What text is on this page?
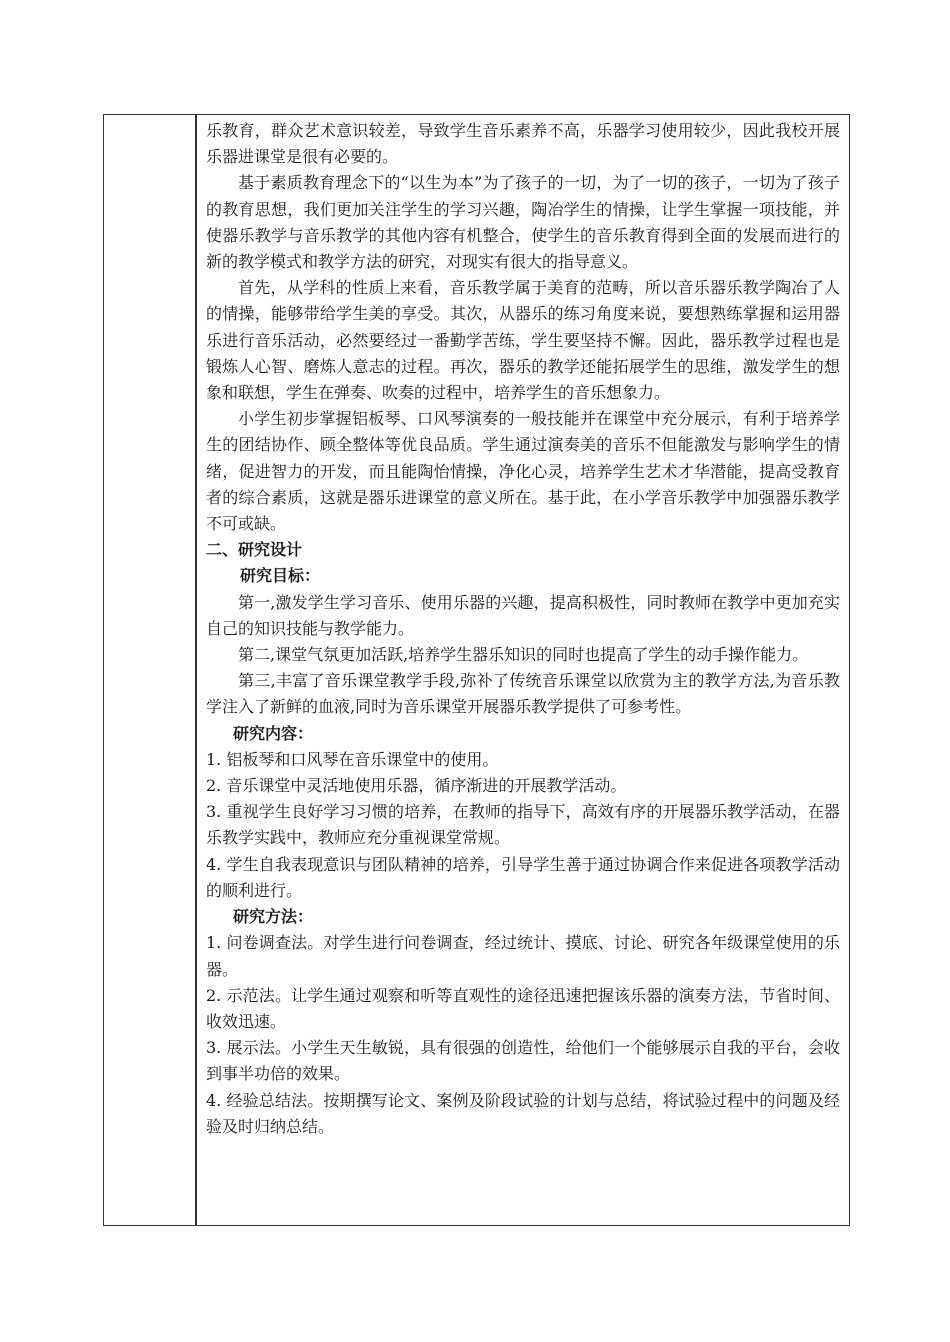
乐教育，群众艺术意识较差，导致学生音乐素养不高，乐器学习使用较少，因此我校开展乐器进课堂是很有必要的。

基于素质教育理念下的“以生为本”为了孩子的一切，为了一切的孩子，一切为了孩子的教育思想，我们更加关注学生的学习兴趣，陶冶学生的情操，让学生掌握一项技能，并使器乐教学与音乐教学的其他内容有机整合，使学生的音乐教育得到全面的发展而进行的新的教学模式和教学方法的研究，对现实有很大的指导意义。

首先，从学科的性质上来看，音乐教学属于美育的范畴，所以音乐器乐教学陶冶了人的情操，能够带给学生美的享受。其次，从器乐的练习角度来说，要想熟练掌握和运用器乐进行音乐活动，必然要经过一番勤学苦练，学生要坚持不懈。因此，器乐教学过程也是锻炼人心智、磨炼人意志的过程。再次，器乐的教学还能拓展学生的思维，激发学生的想象和联想，学生在弹奏、吹奏的过程中，培养学生的音乐想象力。

小学生初步掌握铝板琴、口风琴演奏的一般技能并在课堂中充分展示，有利于培养学生的团结协作、顾全整体等优良品质。学生通过演奏美的音乐不但能激发与影响学生的情绪，促进智力的开发，而且能陶怡情操，净化心灵，培养学生艺术才华潜能，提高受教育者的综合素质，这就是器乐进课堂的意义所在。基于此，在小学音乐教学中加强器乐教学不可或缺。

二、研究设计

研究目标：

第一,激发学生学习音乐、使用乐器的兴趣，提高积极性，同时教师在教学中更加充实自己的知识技能与教学能力。

第二,课堂气氛更加活跃,培养学生器乐知识的同时也提高了学生的动手操作能力。

第三,丰富了音乐课堂教学手段,弥补了传统音乐课堂以欣赏为主的教学方法,为音乐教学注入了新鲜的血液,同时为音乐课堂开展器乐教学提供了可参考性。

研究内容：

1. 铝板琴和口风琴在音乐课堂中的使用。

2. 音乐课堂中灵活地使用乐器，循序渐进的开展教学活动。

3. 重视学生良好学习习惯的培养，在教师的指导下，高效有序的开展器乐教学活动，在器乐教学实践中，教师应充分重视课堂常规。

4. 学生自我表现意识与团队精神的培养，引导学生善于通过协调合作来促进各项教学活动的顺利进行。

研究方法：

1. 问卷调查法。对学生进行问卷调查，经过统计、摸底、讨论、研究各年级课堂使用的乐器。

2. 示范法。让学生通过观察和听等直观性的途径迅速把握该乐器的演奏方法，节省时间、收效迅速。

3. 展示法。小学生天生敏锐，具有很强的创造性，给他们一个能够展示自我的平台，会收到事半功倍的效果。

4. 经验总结法。按期撰写论文、案例及阶段试验的计划与总结，将试验过程中的问题及经验及时归纳总结。
